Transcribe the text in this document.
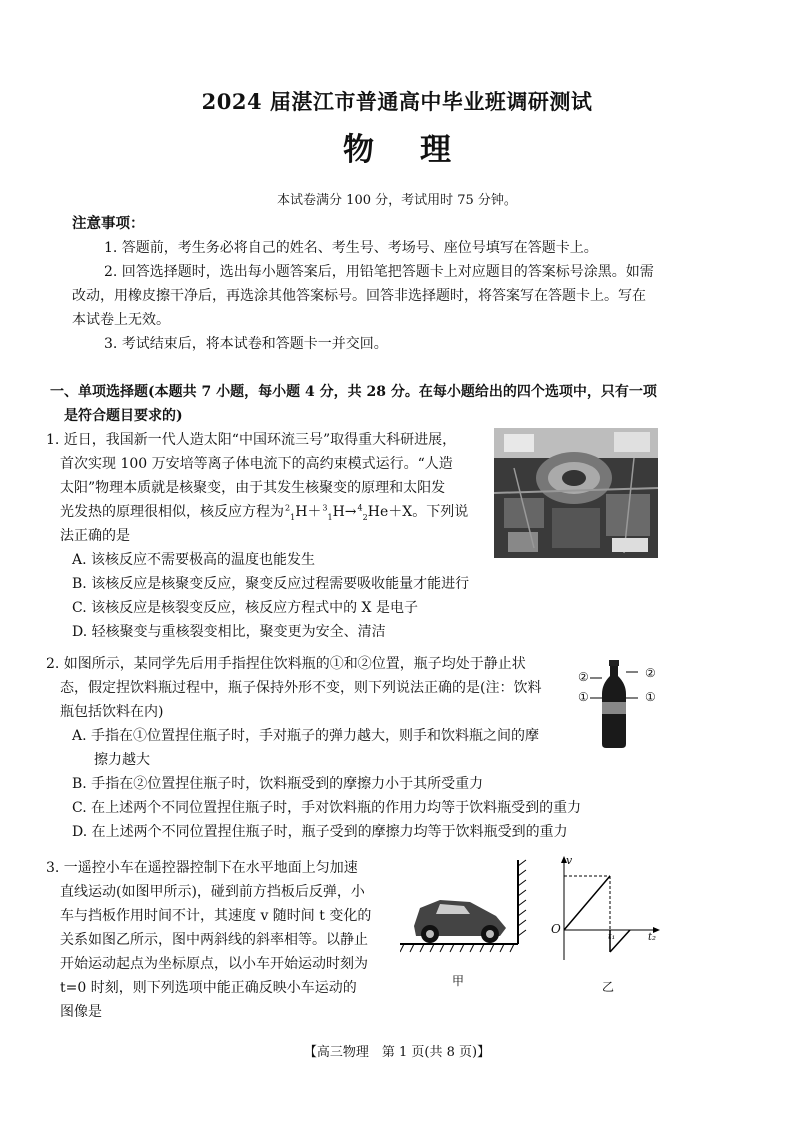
2024 届湛江市普通高中毕业班调研测试
物理
本试卷满分 100 分，考试用时 75 分钟。
注意事项：

1. 答题前，考生务必将自己的姓名、考生号、考场号、座位号填写在答题卡上。

2. 回答选择题时，选出每小题答案后，用铅笔把答题卡上对应题目的答案标号涂黑。如需改动，用橡皮擦干净后，再选涂其他答案标号。回答非选择题时，将答案写在答题卡上。写在本试卷上无效。

3. 考试结束后，将本试卷和答题卡一并交回。

一、单项选择题(本题共 7 小题，每小题 4 分，共 28 分。在每小题给出的四个选项中，只有一项
是符合题目要求的)

1. 近日，我国新一代人造太阳“中国环流三号”取得重大科研进展，

首次实现 100 万安培等离子体电流下的高约束模式运行。“人造

太阳”物理本质就是核聚变，由于其发生核聚变的原理和太阳发

光发热的原理很相似，核反应方程为$^2_1$H＋$^3_1$H→$^4_2$He＋X。下列说

法正确的是

A. 该核反应不需要极高的温度也能发生

B. 该核反应是核聚变反应，聚变反应过程需要吸收能量才能进行

C. 该核反应是核裂变反应，核反应方程式中的 X 是电子

D. 轻核聚变与重核裂变相比，聚变更为安全、清洁

2. 如图所示，某同学先后用手指捏住饮料瓶的①和②位置，瓶子均处于静止状

态，假定捏饮料瓶过程中，瓶子保持外形不变，则下列说法正确的是(注：饮料

瓶包括饮料在内)

A. 手指在①位置捏住瓶子时，手对瓶子的弹力越大，则手和饮料瓶之间的摩

擦力越大

B. 手指在②位置捏住瓶子时，饮料瓶受到的摩擦力小于其所受重力

C. 在上述两个不同位置捏住瓶子时，手对饮料瓶的作用力均等于饮料瓶受到的重力

D. 在上述两个不同位置捏住瓶子时，瓶子受到的摩擦力均等于饮料瓶受到的重力

②
②
①
①

3. 一遥控小车在遥控器控制下在水平地面上匀加速

直线运动(如图甲所示)，碰到前方挡板后反弹，小

车与挡板作用时间不计，其速度 v 随时间 t 变化的

关系如图乙所示，图中两斜线的斜率相等。以静止

开始运动起点为坐标原点，以小车开始运动时刻为

t=0 时刻，则下列选项中能正确反映小车运动的

图像是

甲
v
O
t₁	t₂
乙
【高三物理　第 1 页(共 8 页)】
